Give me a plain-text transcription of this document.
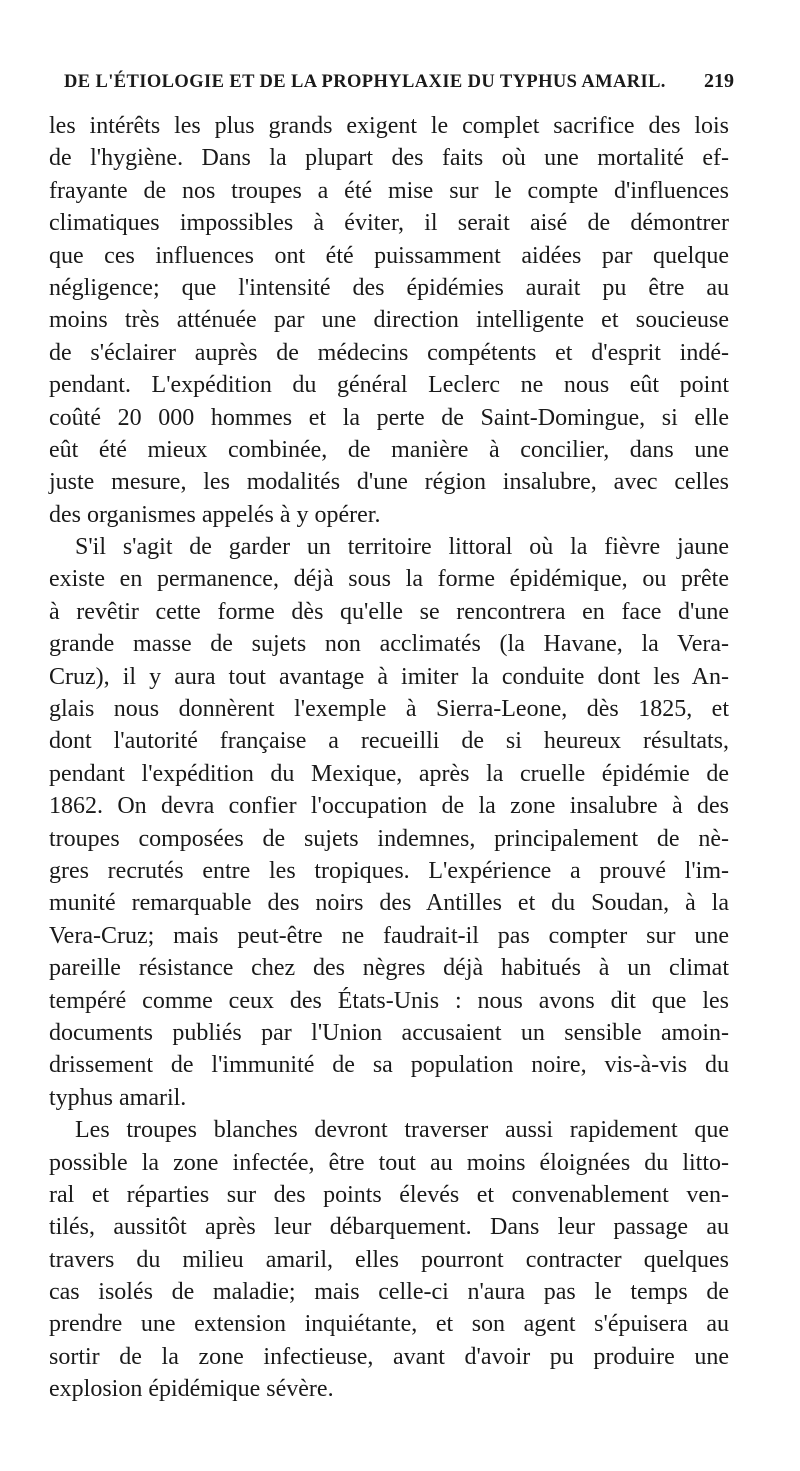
DE L'ÉTIOLOGIE ET DE LA PROPHYLAXIE DU TYPHUS AMARIL. 219
les intérêts les plus grands exigent le complet sacrifice des lois
de l'hygiène. Dans la plupart des faits où une mortalité ef-
frayante de nos troupes a été mise sur le compte d'influences
climatiques impossibles à éviter, il serait aisé de démontrer
que ces influences ont été puissamment aidées par quelque
négligence; que l'intensité des épidémies aurait pu être au
moins très atténuée par une direction intelligente et soucieuse
de s'éclairer auprès de médecins compétents et d'esprit indé-
pendant. L'expédition du général Leclerc ne nous eût point
coûté 20 000 hommes et la perte de Saint-Domingue, si elle
eût été mieux combinée, de manière à concilier, dans une
juste mesure, les modalités d'une région insalubre, avec celles
des organismes appelés à y opérer.
S'il s'agit de garder un territoire littoral où la fièvre jaune
existe en permanence, déjà sous la forme épidémique, ou prête
à revêtir cette forme dès qu'elle se rencontrera en face d'une
grande masse de sujets non acclimatés (la Havane, la Vera-
Cruz), il y aura tout avantage à imiter la conduite dont les An-
glais nous donnèrent l'exemple à Sierra-Leone, dès 1825, et
dont l'autorité française a recueilli de si heureux résultats,
pendant l'expédition du Mexique, après la cruelle épidémie de
1862. On devra confier l'occupation de la zone insalubre à des
troupes composées de sujets indemnes, principalement de nè-
gres recrutés entre les tropiques. L'expérience a prouvé l'im-
munité remarquable des noirs des Antilles et du Soudan, à la
Vera-Cruz; mais peut-être ne faudrait-il pas compter sur une
pareille résistance chez des nègres déjà habitués à un climat
tempéré comme ceux des États-Unis : nous avons dit que les
documents publiés par l'Union accusaient un sensible amoin-
drissement de l'immunité de sa population noire, vis-à-vis du
typhus amaril.
Les troupes blanches devront traverser aussi rapidement que
possible la zone infectée, être tout au moins éloignées du litto-
ral et réparties sur des points élevés et convenablement ven-
tilés, aussitôt après leur débarquement. Dans leur passage au
travers du milieu amaril, elles pourront contracter quelques
cas isolés de maladie; mais celle-ci n'aura pas le temps de
prendre une extension inquiétante, et son agent s'épuisera au
sortir de la zone infectieuse, avant d'avoir pu produire une
explosion épidémique sévère.
